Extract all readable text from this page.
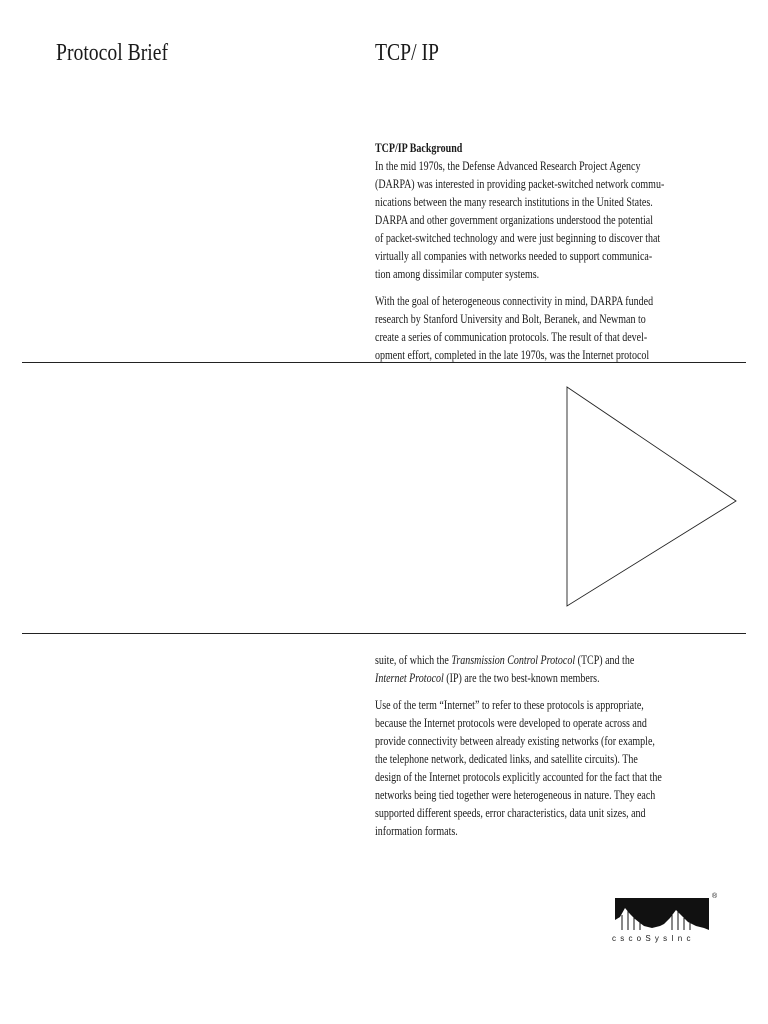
Protocol Brief	TCP/ IP

TCP/IP Background

In the mid 1970s, the Defense Advanced Research Project Agency
(DARPA) was interested in providing packet-switched network commu-
nications between the many research institutions in the United States.
DARPA and other government organizations understood the potential
of packet-switched technology and were just beginning to discover that
virtually all companies with networks needed to support communica-
tion among dissimilar computer systems.

With the goal of heterogeneous connectivity in mind, DARPA funded
research by Stanford University and Bolt, Beranek, and Newman to
create a series of communication protocols. The result of that devel-
opment effort, completed in the late 1970s, was the Internet protocol

suite, of which the Transmission Control Protocol (TCP) and the
Internet Protocol (IP) are the two best-known members.

Use of the term “Internet” to refer to these protocols is appropriate,
because the Internet protocols were developed to operate across and
provide connectivity between already existing networks (for example,
the telephone network, dedicated links, and satellite circuits). The
design of the Internet protocols explicitly accounted for the fact that the
networks being tied together were heterogeneous in nature. They each
supported different speeds, error characteristics, data unit sizes, and
information formats.

®
c s c o S y s I n c
